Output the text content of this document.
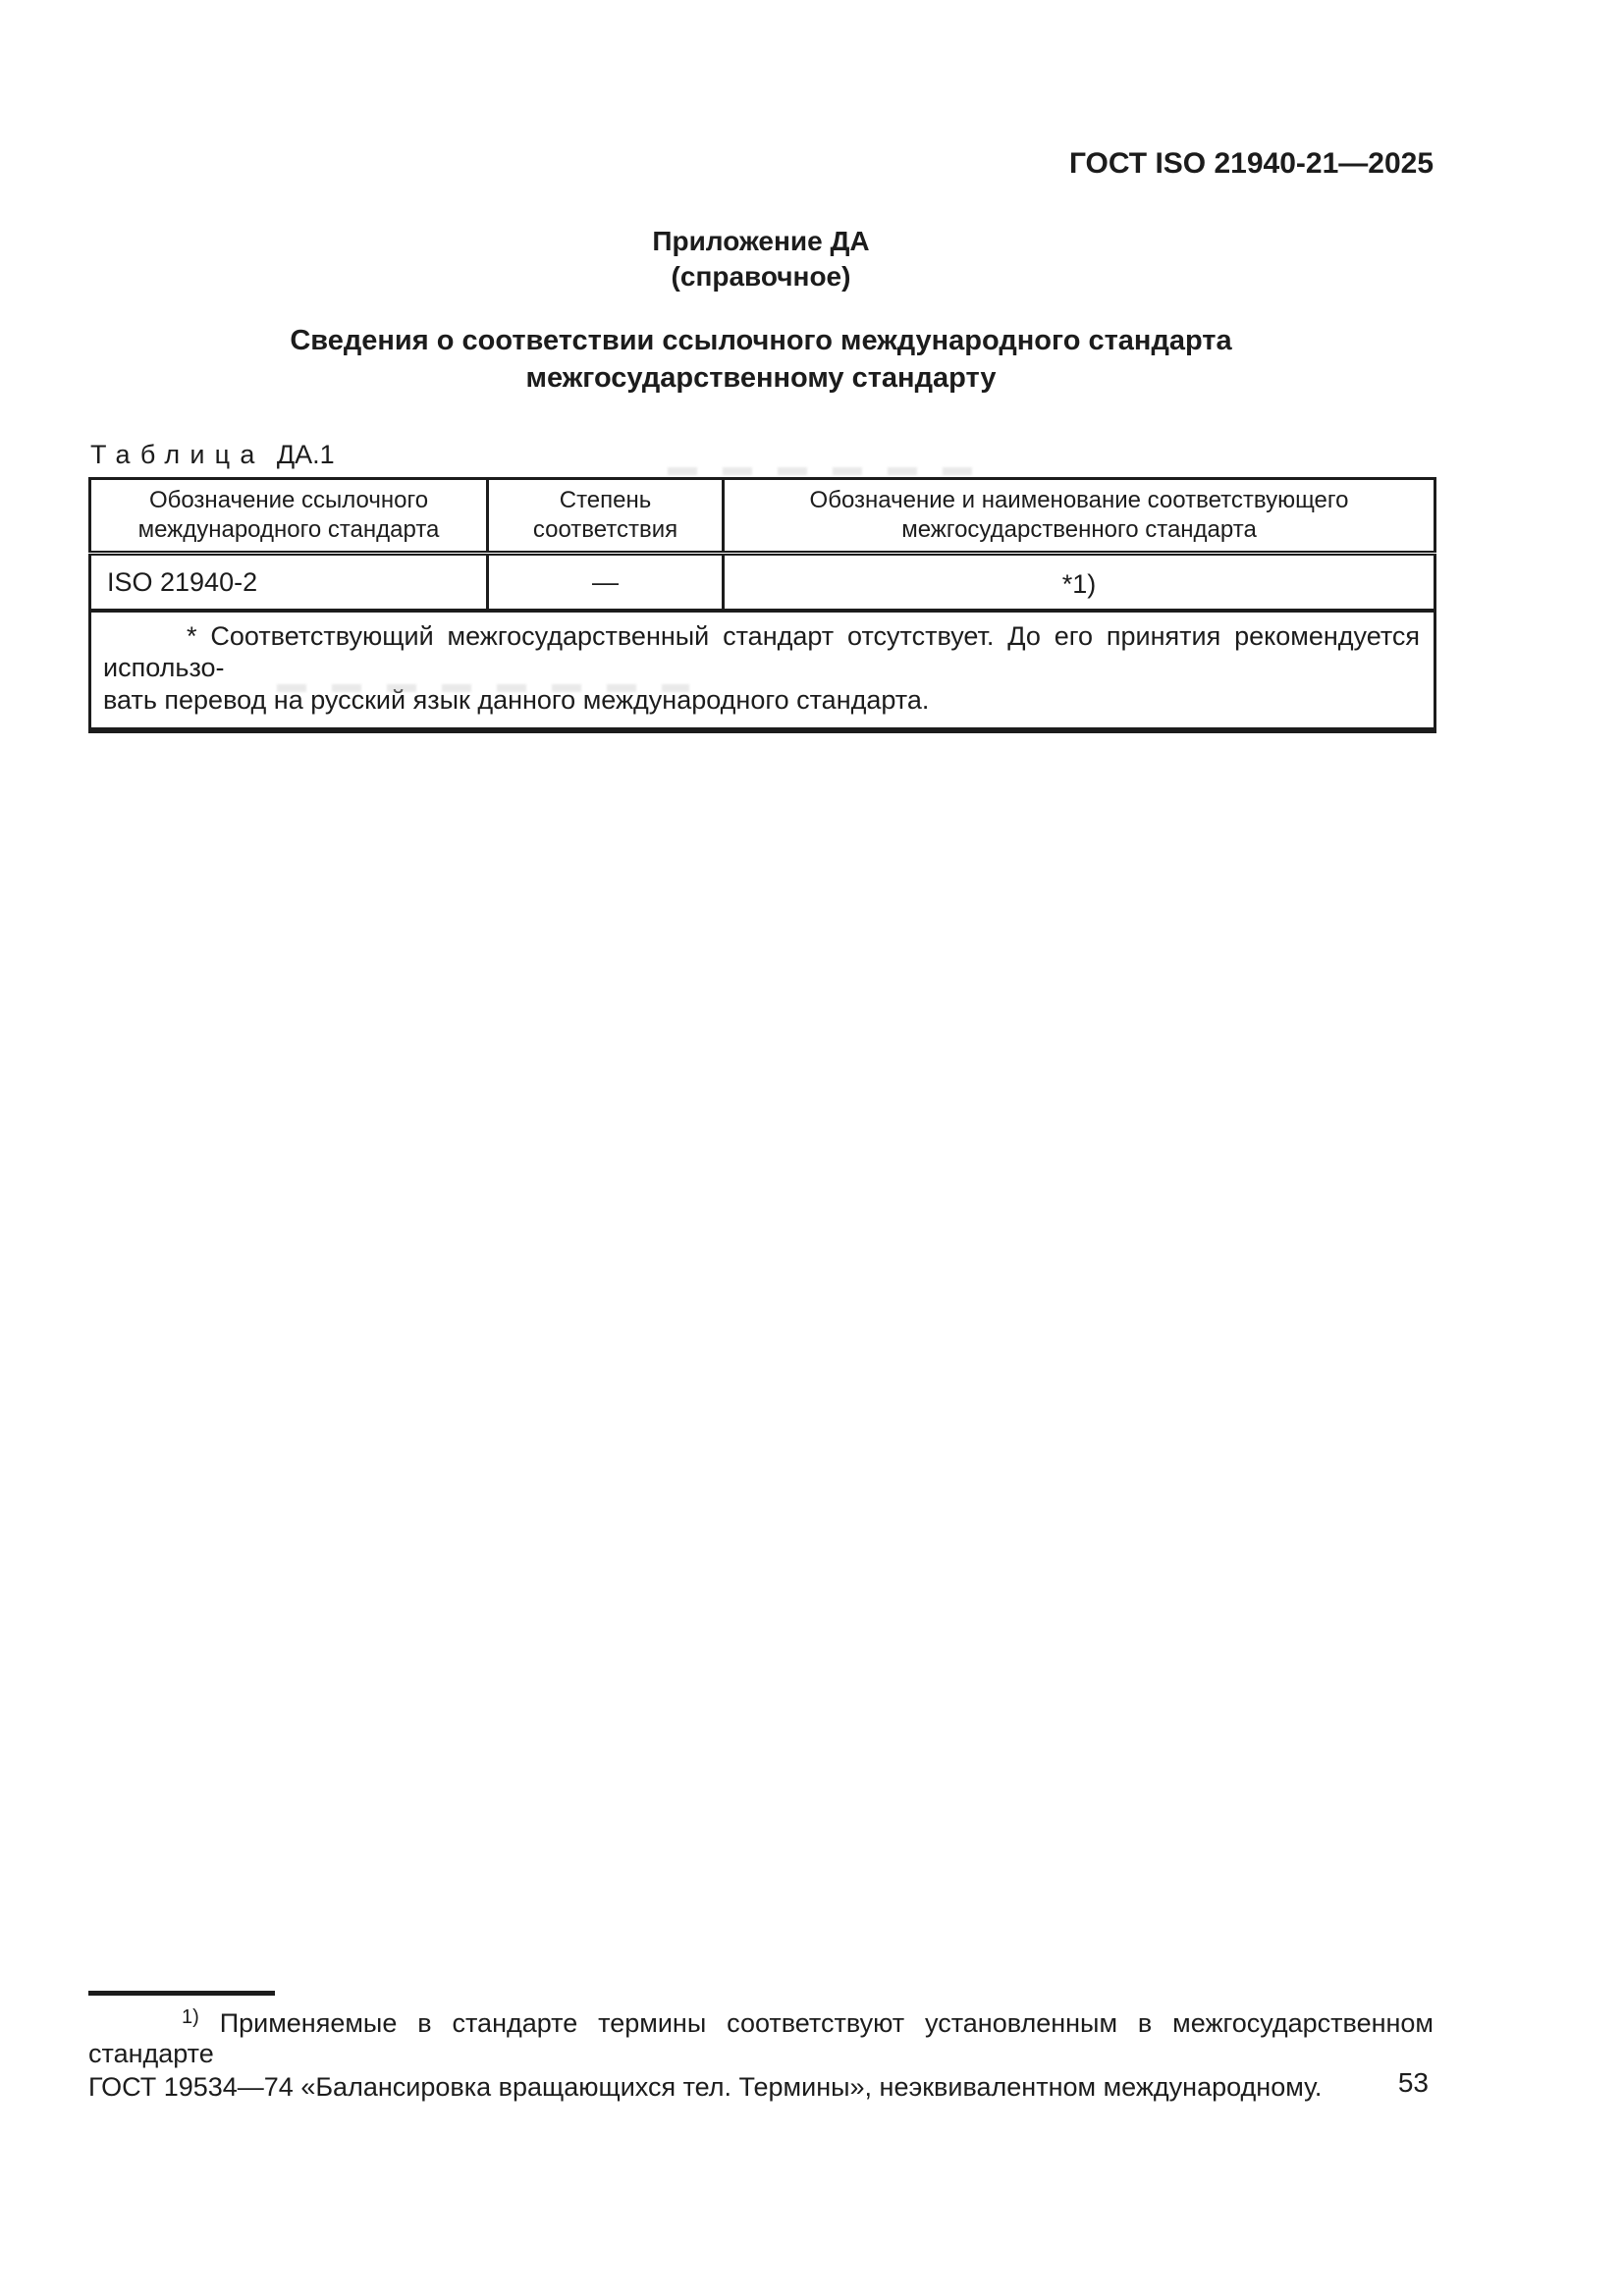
ГОСТ ISO 21940-21—2025
Приложение ДА
(справочное)
Сведения о соответствии ссылочного международного стандарта
межгосударственному стандарту
Таблица ДА.1
Обозначение ссылочного международного стандарта	Степень соответствия	Обозначение и наименование соответствующего межгосударственного стандарта
ISO 21940-2	—	*1)

* Соответствующий межгосударственный стандарт отсутствует. До его принятия рекомендуется использо-
вать перевод на русский язык данного международного стандарта.		
$^{1)}$ Применяемые в стандарте термины соответствуют установленным в межгосударственном стандарте
ГОСТ 19534—74 «Балансировка вращающихся тел. Термины», неэквивалентном международному.	53
